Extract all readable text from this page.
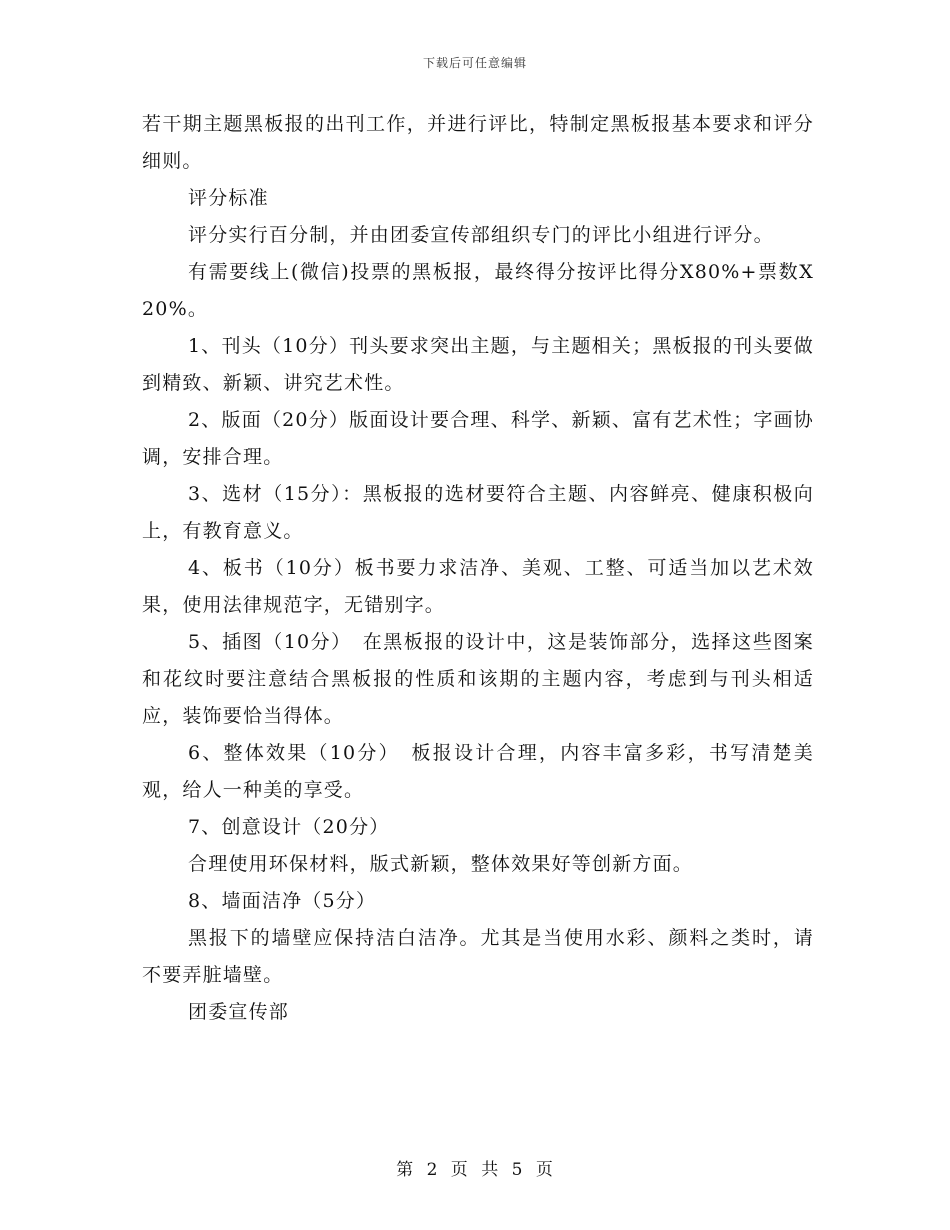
下载后可任意编辑

若干期主题黑板报的出刊工作，并进行评比，特制定黑板报基本要求和评分细则。

评分标准

评分实行百分制，并由团委宣传部组织专门的评比小组进行评分。

有需要线上(微信)投票的黑板报，最终得分按评比得分X80%+票数X20%。

1、刊头（10分）刊头要求突出主题，与主题相关；黑板报的刊头要做到精致、新颖、讲究艺术性。

2、版面（20分）版面设计要合理、科学、新颖、富有艺术性；字画协调，安排合理。

3、选材（15分）：黑板报的选材要符合主题、内容鲜亮、健康积极向上，有教育意义。

4、板书（10分）板书要力求洁净、美观、工整、可适当加以艺术效果，使用法律规范字，无错别字。

5、插图（10分）　在黑板报的设计中，这是装饰部分，选择这些图案和花纹时要注意结合黑板报的性质和该期的主题内容，考虑到与刊头相适应，装饰要恰当得体。

6、整体效果（10分）　板报设计合理，内容丰富多彩，书写清楚美观，给人一种美的享受。

7、创意设计（20分）

合理使用环保材料，版式新颖，整体效果好等创新方面。

8、墙面洁净（5分）

黑报下的墙壁应保持洁白洁净。尤其是当使用水彩、颜料之类时，请不要弄脏墙壁。

团委宣传部

第 2 页 共 5 页
